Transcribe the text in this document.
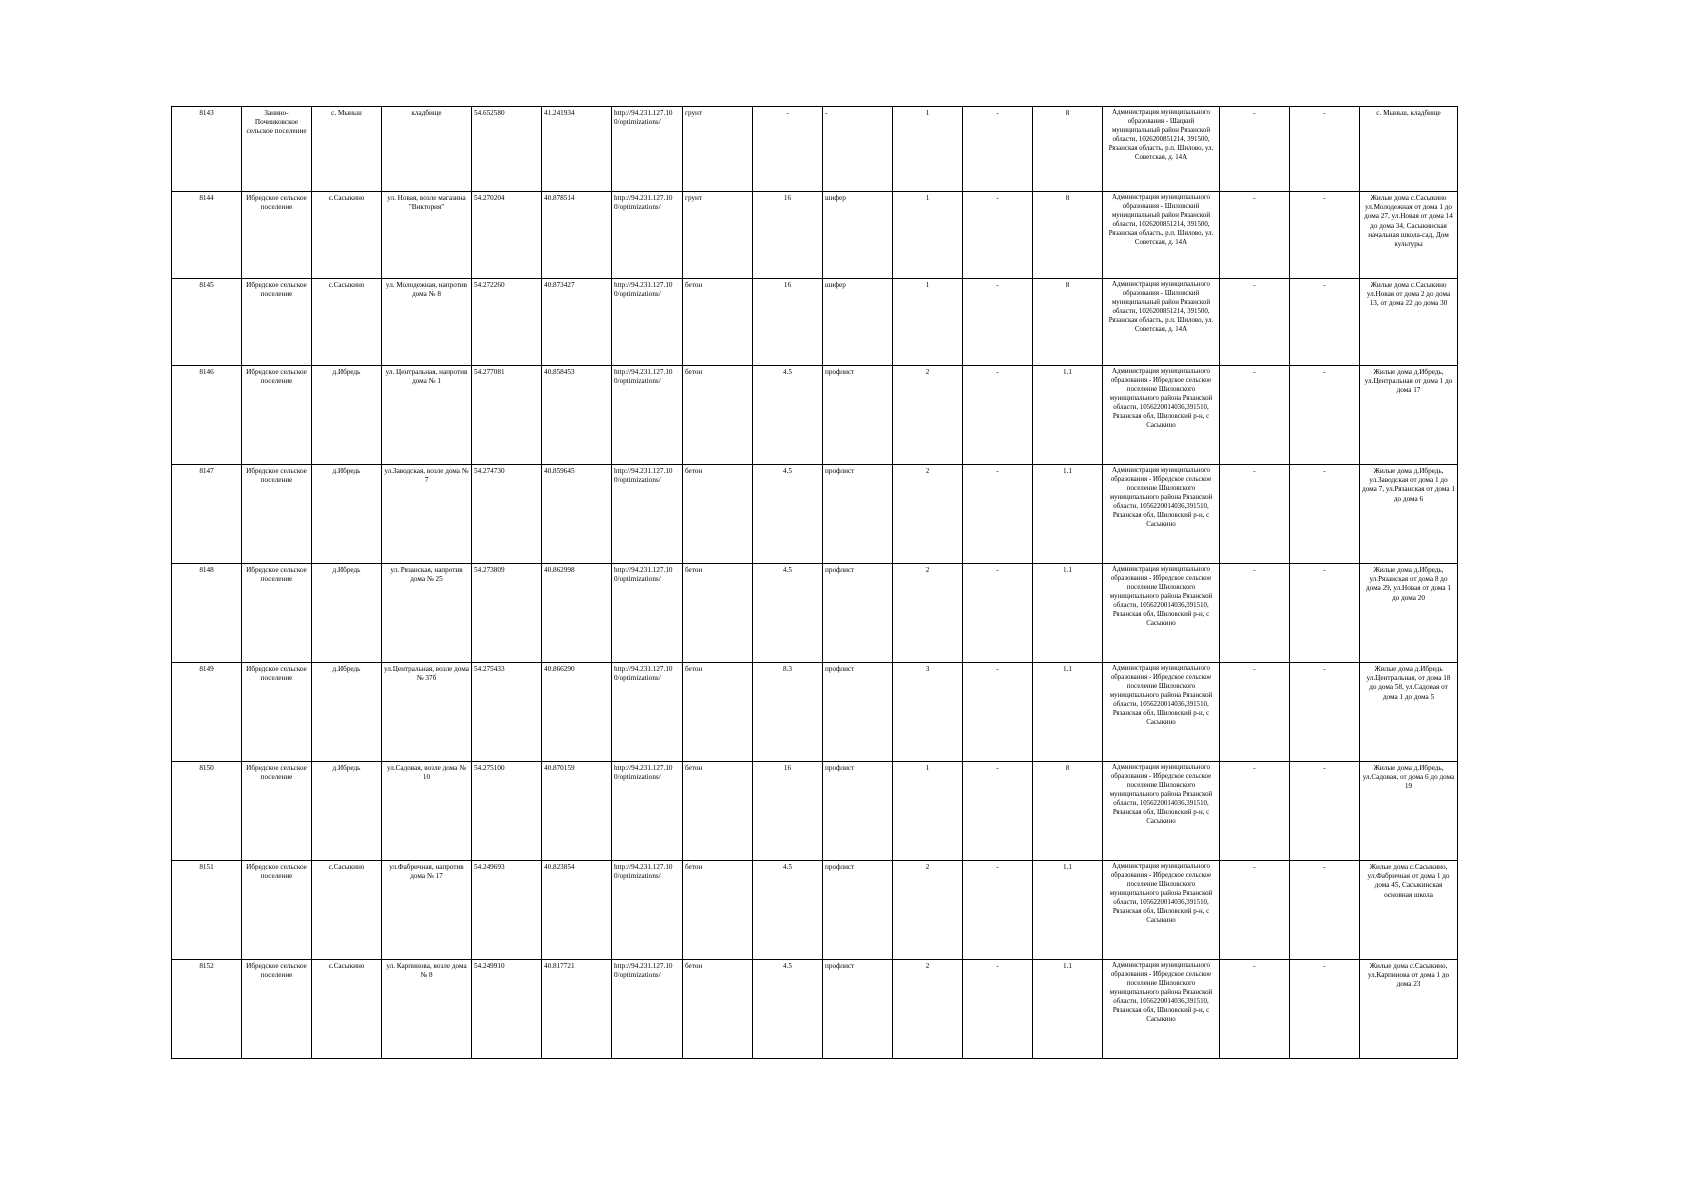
8143	Занино-Починковское сельское поселение	с. Мыньш	кладбище	54.652580	41.241934	http://94.231.127.10 0/optimizations/	грунт	-	-	1	-	8	Администрация муниципального образования - Шацкий муниципальный район Рязанской области, 1026200851214, 391500, Рязанская область, р.п. Шилово, ул. Советская, д. 14А	-	-	с. Мыньш, кладбище
8144	Ибредское сельское поселение	с.Сасыкино	ул. Новая, возле магазина "Виктория"	54.270204	40.878514	http://94.231.127.10 0/optimizations/	грунт	16	шифер	1	-	8	Администрация муниципального образования - Шиловский муниципальный район Рязанской области, 1026200851214, 391500, Рязанская область, р.п. Шилово, ул. Советская, д. 14А	-	-	Жилые дома с.Сасыкино ул.Молодежная от дома 1 до дома 27, ул.Новая от дома 14 до дома 34, Сасыкинская начальная школа-сад, Дом культуры
8145	Ибредское сельское поселение	с.Сасыкино	ул. Молодежная, напротив дома № 8	54.272260	40.873427	http://94.231.127.10 0/optimizations/	бетон	16	шифер	1	-	8	Администрация муниципального образования - Шиловский муниципальный район Рязанской области, 1026200851214, 391500, Рязанская область, р.п. Шилово, ул. Советская, д. 14А	-	-	Жилые дома с.Сасыкино ул.Новая от дома 2 до дома 13, от дома 22 до дома 30
8146	Ибредское сельское поселение	д.Ибредь	ул. Центральная, напротив дома № 1	54.277081	40.858453	http://94.231.127.10 0/optimizations/	бетон	4.5	профлист	2	-	1.1	Администрация муниципального образования - Ибредское сельское поселение Шиловского муниципального района Рязанской области, 1056220014036,391510, Рязанская обл, Шиловский р-н, с Сасыкино	-	-	Жилые дома д.Ибредь, ул.Центральная от дома 1 до дома 17
8147	Ибредское сельское поселение	д.Ибредь	ул.Заводская, возле дома № 7	54.274730	40.859645	http://94.231.127.10 0/optimizations/	бетон	4.5	профлист	2	-	1.1	Администрация муниципального образования - Ибредское сельское поселение Шиловского муниципального района Рязанской области, 1056220014036,391510, Рязанская обл, Шиловский р-н, с Сасыкино	-	-	Жилые дома д.Ибредь, ул.Заводская от дома 1 до дома 7, ул.Рязанская от дома 1 до дома 6
8148	Ибредское сельское поселение	д.Ибредь	ул. Рязанская, напротив дома № 25	54.273809	40.862998	http://94.231.127.10 0/optimizations/	бетон	4.5	профлист	2	-	1.1	Администрация муниципального образования - Ибредское сельское поселение Шиловского муниципального района Рязанской области, 1056220014036,391510, Рязанская обл, Шиловский р-н, с Сасыкино	-	-	Жилые дома д.Ибредь, ул.Рязанская от дома 8 до дома 29, ул.Новая от дома 1 до дома 20
8149	Ибредское сельское поселение	д.Ибредь	ул.Центральная, возле дома № 37б	54.275433	40.866290	http://94.231.127.10 0/optimizations/	бетон	8.3	профлист	3	-	1.1	Администрация муниципального образования - Ибредское сельское поселение Шиловского муниципального района Рязанской области, 1056220014036,391510, Рязанская обл, Шиловский р-н, с Сасыкино	-	-	Жилые дома д.Ибредь ул.Центральная, от дома 18 до дома 58, ул.Садовая от дома 1 до дома 5
8150	Ибредское сельское поселение	д.Ибредь	ул.Садовая, возле дома № 10	54.275100	40.870159	http://94.231.127.10 0/optimizations/	бетон	16	профлист	1	-	8	Администрация муниципального образования - Ибредское сельское поселение Шиловского муниципального района Рязанской области, 1056220014036,391510, Рязанская обл, Шиловский р-н, с Сасыкино	-	-	Жилые дома д.Ибредь, ул.Садовая, от дома 6 до дома 19
8151	Ибредское сельское поселение	с.Сасыкино	ул.Фабричная, напротив дома № 17	54.249693	40.823854	http://94.231.127.10 0/optimizations/	бетон	4.5	профлист	2	-	1.1	Администрация муниципального образования - Ибредское сельское поселение Шиловского муниципального района Рязанской области, 1056220014036,391510, Рязанская обл, Шиловский р-н, с Сасыкино	-	-	Жилые дома с.Сасыкино, ул.Фабричная от дома 1 до дома 45, Сасыкинская основная школа
8152	Ибредское сельское поселение	с.Сасыкино	ул. Карпинова, возле дома № 8	54.249910	40.817721	http://94.231.127.10 0/optimizations/	бетон	4.5	профлист	2	-	1.1	Администрация муниципального образования - Ибредское сельское поселение Шиловского муниципального района Рязанской области, 1056220014036,391510, Рязанская обл, Шиловский р-н, с Сасыкино	-	-	Жилые дома с.Сасыкино, ул.Карпинова от дома 1 до дома 23
